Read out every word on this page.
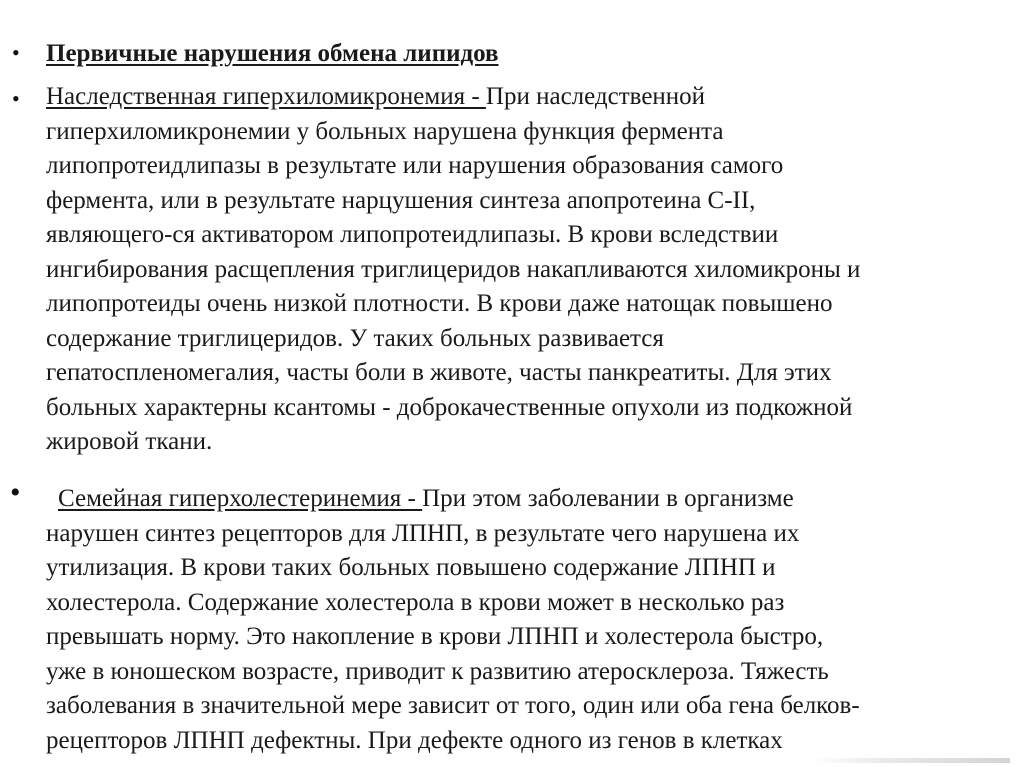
• Первичные нарушения обмена липидов
• Наследственная гиперхиломикронемия - При наследственной
гиперхиломикронемии у больных нарушена функция фермента
липопротеидлипазы в результате или нарушения образования самого
фермента, или в результате нарцушения синтеза апопротеина С-II,
являющего-ся активатором липопротеидлипазы. В крови вследствии
ингибирования расщепления триглицеридов накапливаются хиломикроны и
липопротеиды очень низкой плотности. В крови даже натощак повышено
содержание триглицеридов. У таких больных развивается
гепатоспленомегалия, часты боли в животе, часты панкреатиты. Для этих
больных характерны ксантомы - доброкачественные опухоли из подкожной
жировой ткани.
•	Семейная гиперхолестеринемия - При этом заболевании в организме
нарушен синтез рецепторов для ЛПНП, в результате чего нарушена их
утилизация. В крови таких больных повышено содержание ЛПНП и
холестерола. Содержание холестерола в крови может в несколько раз
превышать норму. Это накопление в крови ЛПНП и холестерола быстро,
уже в юношеском возрасте, приводит к развитию атеросклероза. Тяжесть
заболевания в значительной мере зависит от того, один или оба гена белков-
рецепторов ЛПНП дефектны. При дефекте одного из генов в клетках
